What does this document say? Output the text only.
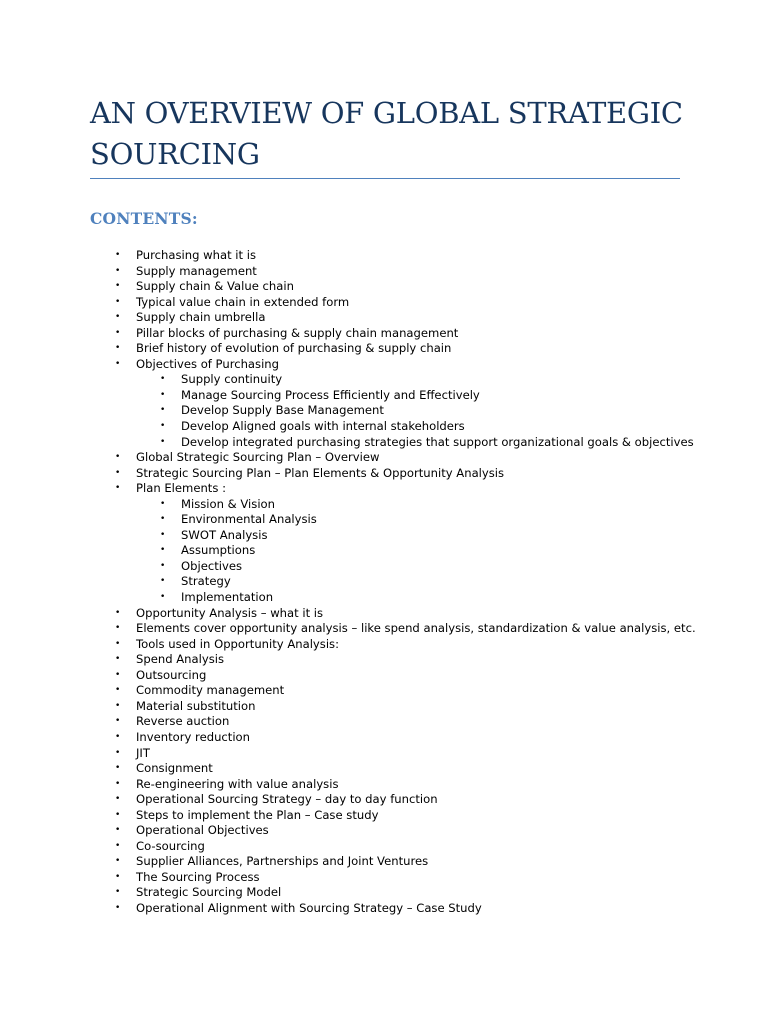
AN OVERVIEW OF GLOBAL STRATEGIC SOURCING
CONTENTS:
• Purchasing what it is
• Supply management
• Supply chain & Value chain
• Typical value chain in extended form
• Supply chain umbrella
• Pillar blocks of purchasing & supply chain management
• Brief history of evolution of purchasing & supply chain
• Objectives of Purchasing
• Supply continuity
• Manage Sourcing Process Efficiently and Effectively
• Develop Supply Base Management
• Develop Aligned goals with internal stakeholders
• Develop integrated purchasing strategies that support organizational goals & objectives
• Global Strategic Sourcing Plan – Overview
• Strategic Sourcing Plan – Plan Elements & Opportunity Analysis
• Plan Elements :
• Mission & Vision
• Environmental Analysis
• SWOT Analysis
• Assumptions
• Objectives
• Strategy
• Implementation
• Opportunity Analysis – what it is
• Elements cover opportunity analysis – like spend analysis, standardization & value analysis, etc.
• Tools used in Opportunity Analysis:
• Spend Analysis
• Outsourcing
• Commodity management
• Material substitution
• Reverse auction
• Inventory reduction
• JIT
• Consignment
• Re-engineering with value analysis
• Operational Sourcing Strategy – day to day function
• Steps to implement the Plan – Case study
• Operational Objectives
• Co-sourcing
• Supplier Alliances, Partnerships and Joint Ventures
• The Sourcing Process
• Strategic Sourcing Model
• Operational Alignment with Sourcing Strategy – Case Study
